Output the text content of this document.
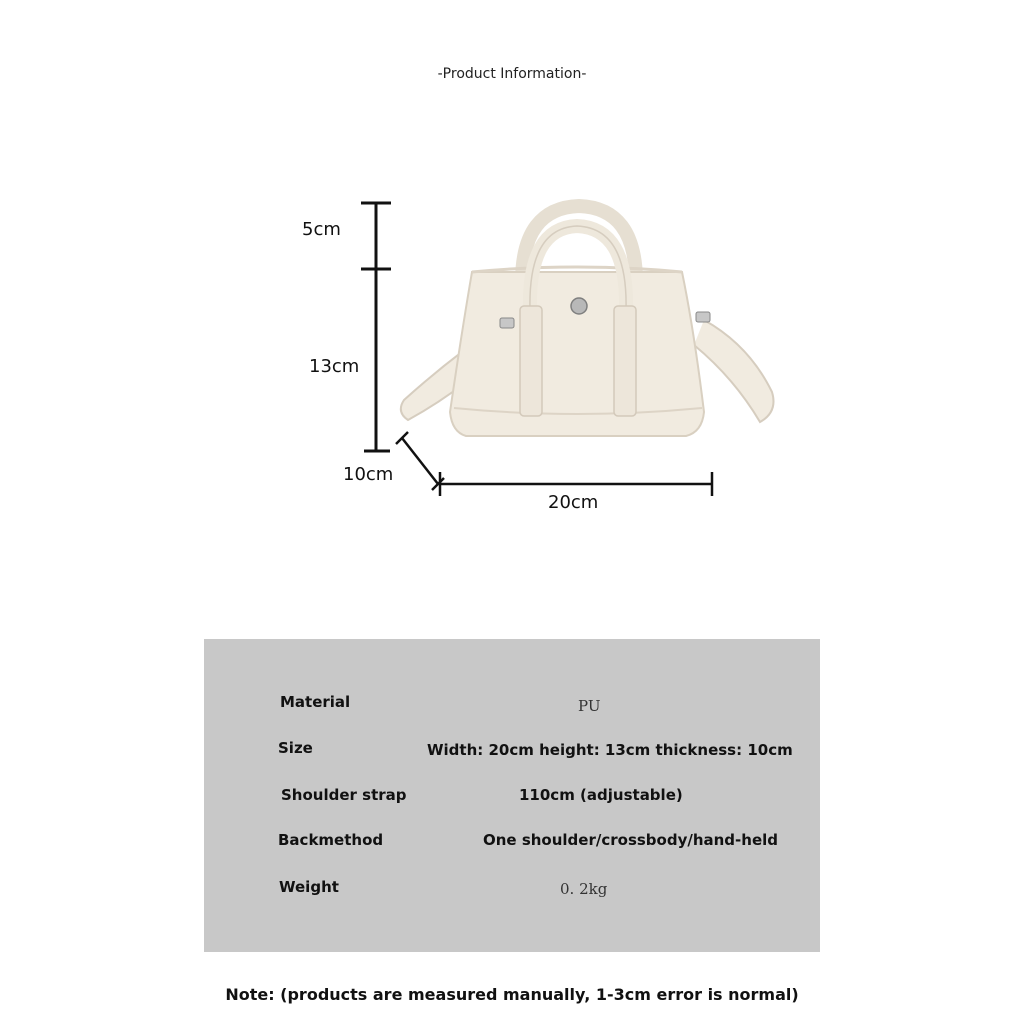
-Product Information-
5cm
13cm
10cm
20cm
Material	PU
Size	Width: 20cm height: 13cm thickness: 10cm
Shoulder strap	110cm (adjustable)
Backmethod	One shoulder/crossbody/hand-held
Weight	0. 2kg
Note: (products are measured manually, 1-3cm error is normal)
